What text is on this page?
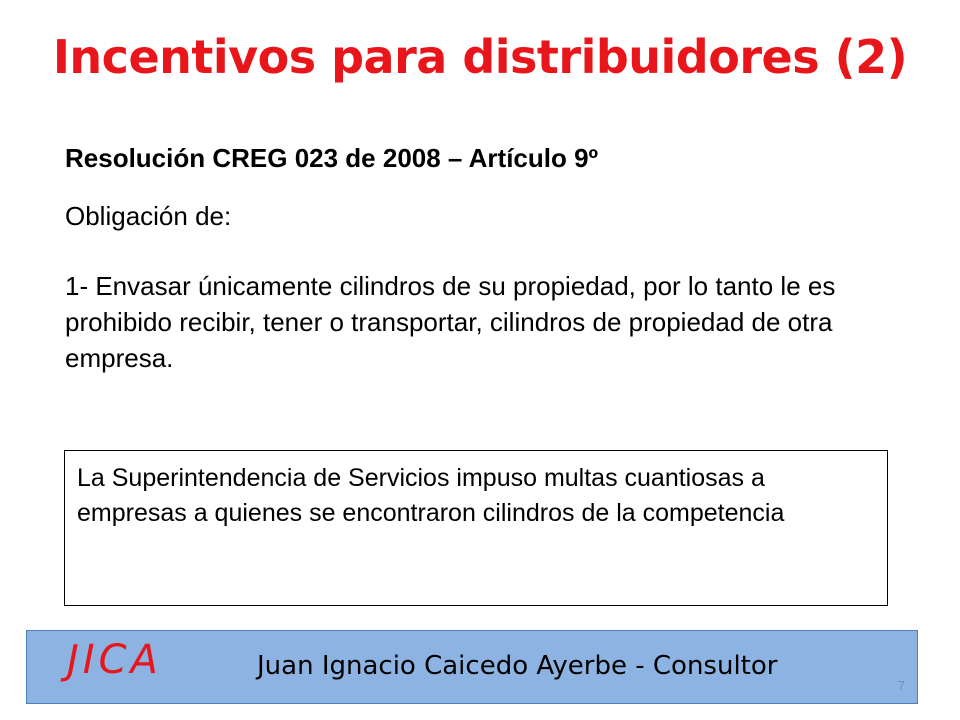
Incentivos para distribuidores (2)

Resolución CREG 023 de 2008 – Artículo 9º

Obligación de:

1- Envasar únicamente cilindros de su propiedad, por lo tanto le es prohibido recibir, tener o transportar, cilindros de propiedad de otra empresa.

La Superintendencia de Servicios impuso multas cuantiosas a empresas a quienes se encontraron cilindros de la competencia

JICA	Juan Ignacio Caicedo Ayerbe - Consultor
7
